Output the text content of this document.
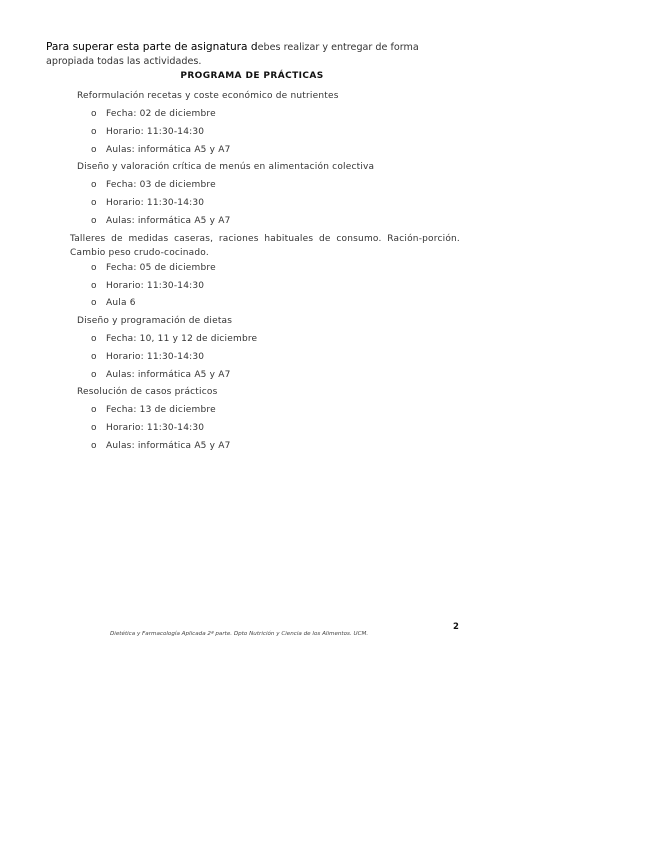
Para superar esta parte de asignatura debes realizar y entregar de forma apropiada todas las actividades.
PROGRAMA DE PRÁCTICAS
Reformulación recetas y coste económico de nutrientes
o Fecha: 02 de diciembre
o Horario: 11:30-14:30
o Aulas: informática A5 y A7
Diseño y valoración crítica de menús en alimentación colectiva
o Fecha: 03 de diciembre
o Horario: 11:30-14:30
o Aulas: informática A5 y A7
Talleres de medidas caseras, raciones habituales de consumo. Ración-porción. Cambio peso crudo-cocinado.
o Fecha: 05 de diciembre
o Horario: 11:30-14:30
o Aula 6
Diseño y programación de dietas
o Fecha: 10, 11 y 12 de diciembre
o Horario: 11:30-14:30
o Aulas: informática A5 y A7
Resolución de casos prácticos
o Fecha: 13 de diciembre
o Horario: 11:30-14:30
o Aulas: informática A5 y A7
2
Dietética y Farmacología Aplicada 2ª parte. Dpto Nutrición y Ciencia de los Alimentos. UCM.
